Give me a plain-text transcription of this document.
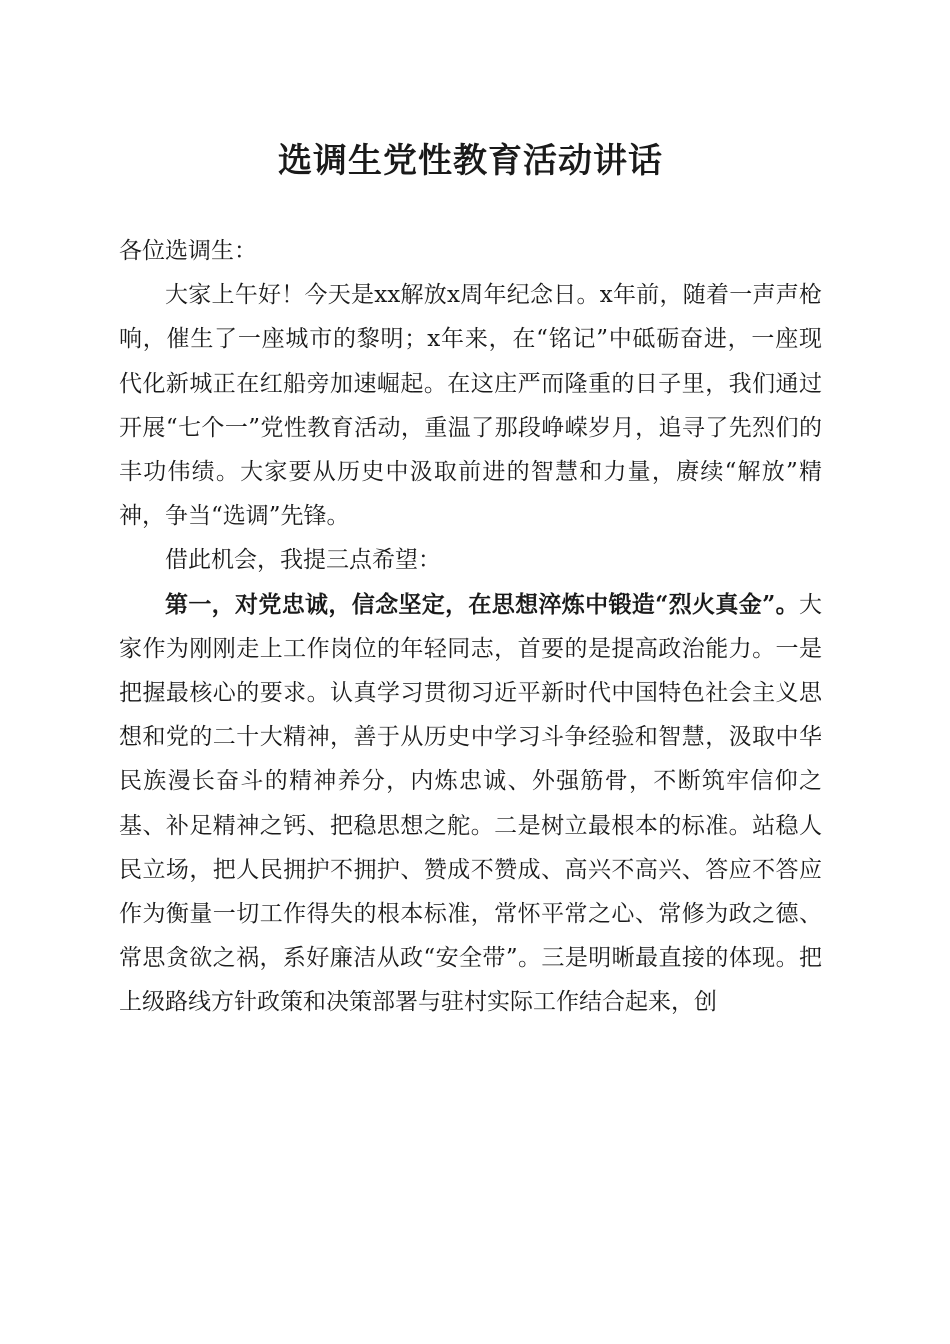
选调生党性教育活动讲话

各位选调生：

大家上午好！今天是xx解放x周年纪念日。x年前，随着一声声枪响，催生了一座城市的黎明；x年来，在“铭记”中砥砺奋进，一座现代化新城正在红船旁加速崛起。在这庄严而隆重的日子里，我们通过开展“七个一”党性教育活动，重温了那段峥嵘岁月，追寻了先烈们的丰功伟绩。大家要从历史中汲取前进的智慧和力量，赓续“解放”精神，争当“选调”先锋。

借此机会，我提三点希望：

第一，对党忠诚，信念坚定，在思想淬炼中锻造“烈火真金”。大家作为刚刚走上工作岗位的年轻同志，首要的是提高政治能力。一是把握最核心的要求。认真学习贯彻习近平新时代中国特色社会主义思想和党的二十大精神，善于从历史中学习斗争经验和智慧，汲取中华民族漫长奋斗的精神养分，内炼忠诚、外强筋骨，不断筑牢信仰之基、补足精神之钙、把稳思想之舵。二是树立最根本的标准。站稳人民立场，把人民拥护不拥护、赞成不赞成、高兴不高兴、答应不答应作为衡量一切工作得失的根本标准，常怀平常之心、常修为政之德、常思贪欲之祸，系好廉洁从政“安全带”。三是明晰最直接的体现。把上级路线方针政策和决策部署与驻村实际工作结合起来，创
